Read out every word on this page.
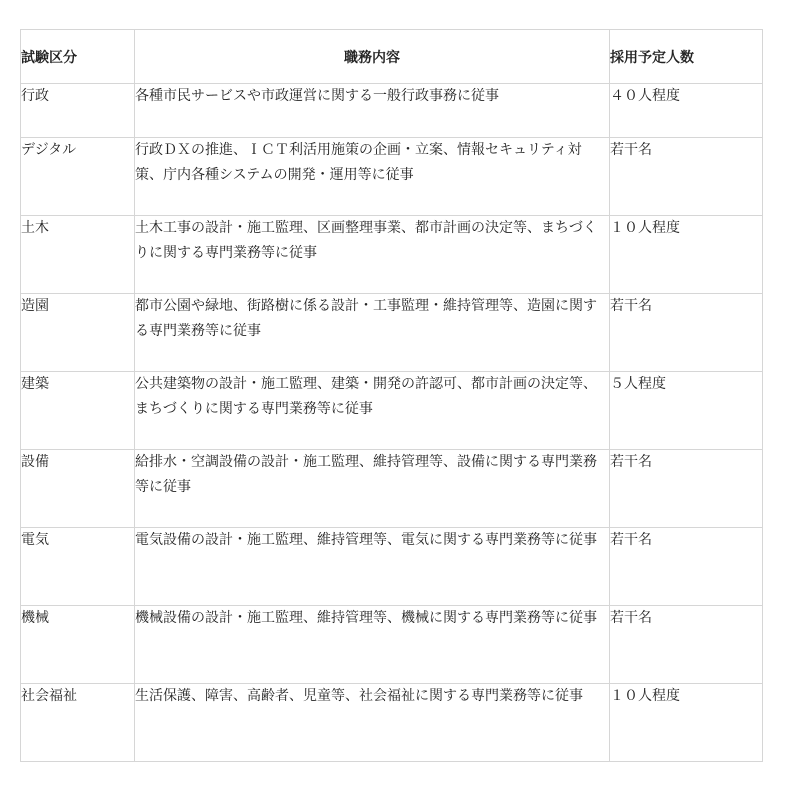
試験区分	職務内容	採用予定人数
行政	各種市民サービスや市政運営に関する一般行政事務に従事	４０人程度
デジタル	行政ＤＸの推進、ＩＣＴ利活用施策の企画・立案、情報セキュリティ対策、庁内各種システムの開発・運用等に従事	若干名
土木	土木工事の設計・施工監理、区画整理事業、都市計画の決定等、まちづくりに関する専門業務等に従事	１０人程度
造園	都市公園や緑地、街路樹に係る設計・工事監理・維持管理等、造園に関する専門業務等に従事	若干名
建築	公共建築物の設計・施工監理、建築・開発の許認可、都市計画の決定等、まちづくりに関する専門業務等に従事	５人程度
設備	給排水・空調設備の設計・施工監理、維持管理等、設備に関する専門業務等に従事	若干名
電気	電気設備の設計・施工監理、維持管理等、電気に関する専門業務等に従事	若干名
機械	機械設備の設計・施工監理、維持管理等、機械に関する専門業務等に従事	若干名
社会福祉	生活保護、障害、高齢者、児童等、社会福祉に関する専門業務等に従事	１０人程度
